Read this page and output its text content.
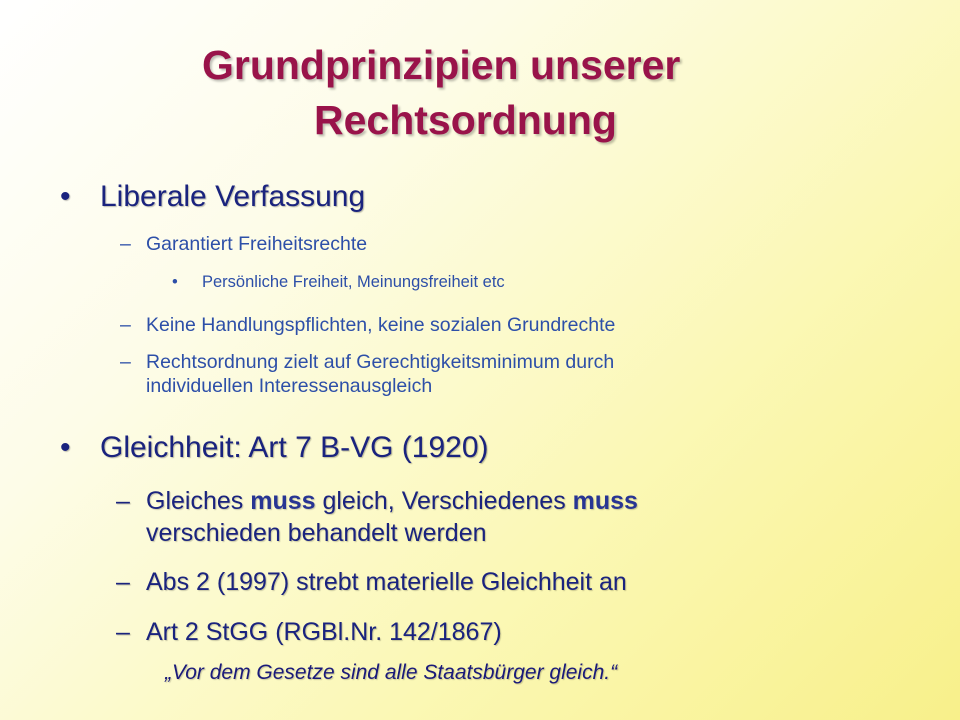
Grundprinzipien unserer
Rechtsordnung
• Liberale Verfassung
– Garantiert Freiheitsrechte
• Persönliche Freiheit, Meinungsfreiheit etc
– Keine Handlungspflichten, keine sozialen Grundrechte
– Rechtsordnung zielt auf Gerechtigkeitsminimum durch
individuellen Interessenausgleich
• Gleichheit: Art 7 B-VG (1920)
– Gleiches muss gleich, Verschiedenes muss
verschieden behandelt werden
– Abs 2 (1997) strebt materielle Gleichheit an
– Art 2 StGG (RGBl.Nr. 142/1867)
„Vor dem Gesetze sind alle Staatsbürger gleich.“
